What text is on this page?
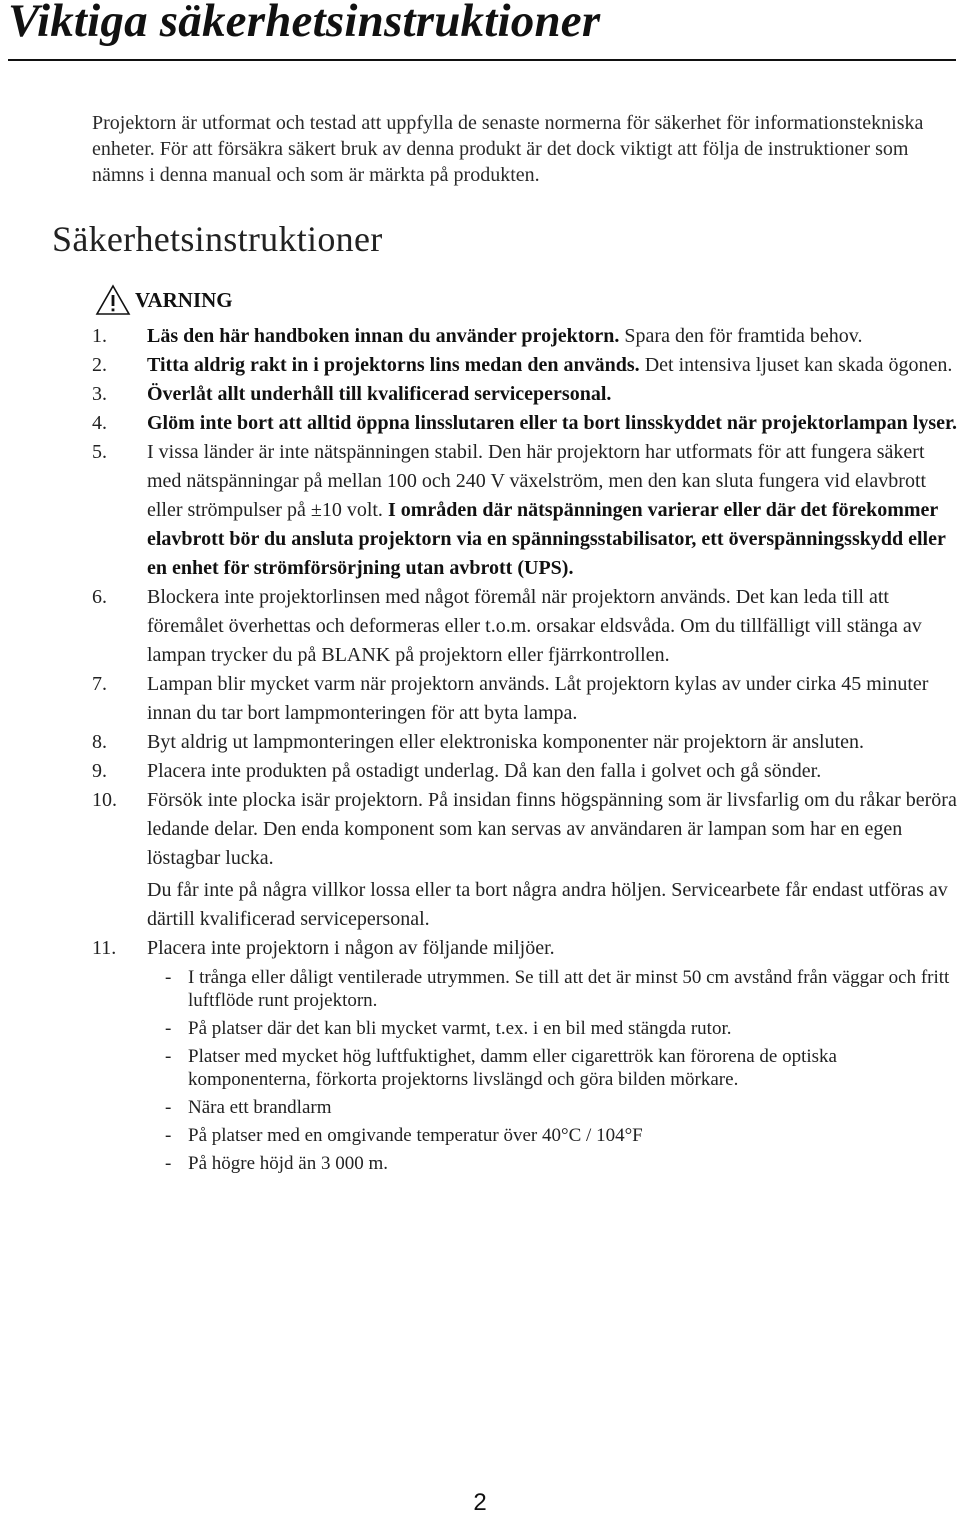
Viktiga säkerhetsinstruktioner

Projektorn är utformat och testad att uppfylla de senaste normerna för säkerhet för informationstekniska enheter. För att försäkra säkert bruk av denna produkt är det dock viktigt att följa de instruktioner som nämns i denna manual och som är märkta på produkten.

Säkerhetsinstruktioner
VARNING
1.	Läs den här handboken innan du använder projektorn. Spara den för framtida behov.
2.	Titta aldrig rakt in i projektorns lins medan den används. Det intensiva ljuset kan skada ögonen.
3.	Överlåt allt underhåll till kvalificerad servicepersonal.
4.	Glöm inte bort att alltid öppna linsslutaren eller ta bort linsskyddet när projektorlampan lyser.
5.	I vissa länder är inte nätspänningen stabil. Den här projektorn har utformats för att fungera säkert med nätspänningar på mellan 100 och 240 V växelström, men den kan sluta fungera vid elavbrott eller strömpulser på ±10 volt. I områden där nätspänningen varierar eller där det förekommer elavbrott bör du ansluta projektorn via en spänningsstabilisator, ett överspänningsskydd eller en enhet för strömförsörjning utan avbrott (UPS).
6.	Blockera inte projektorlinsen med något föremål när projektorn används. Det kan leda till att föremålet överhettas och deformeras eller t.o.m. orsakar eldsvåda. Om du tillfälligt vill stänga av lampan trycker du på BLANK på projektorn eller fjärrkontrollen.
7.	Lampan blir mycket varm när projektorn används. Låt projektorn kylas av under cirka 45 minuter innan du tar bort lampmonteringen för att byta lampa.
8.	Byt aldrig ut lampmonteringen eller elektroniska komponenter när projektorn är ansluten.
9.	Placera inte produkten på ostadigt underlag. Då kan den falla i golvet och gå sönder.
10.	Försök inte plocka isär projektorn. På insidan finns högspänning som är livsfarlig om du råkar beröra ledande delar. Den enda komponent som kan servas av användaren är lampan som har en egen löstagbar lucka.
Du får inte på några villkor lossa eller ta bort några andra höljen. Servicearbete får endast utföras av därtill kvalificerad servicepersonal.
11.	Placera inte projektorn i någon av följande miljöer.
- I trånga eller dåligt ventilerade utrymmen. Se till att det är minst 50 cm avstånd från väggar och fritt luftflöde runt projektorn.
- På platser där det kan bli mycket varmt, t.ex. i en bil med stängda rutor.
- Platser med mycket hög luftfuktighet, damm eller cigarettrök kan förorena de optiska komponenterna, förkorta projektorns livslängd och göra bilden mörkare.
- Nära ett brandlarm
- På platser med en omgivande temperatur över 40°C / 104°F
- På högre höjd än 3 000 m.
2
